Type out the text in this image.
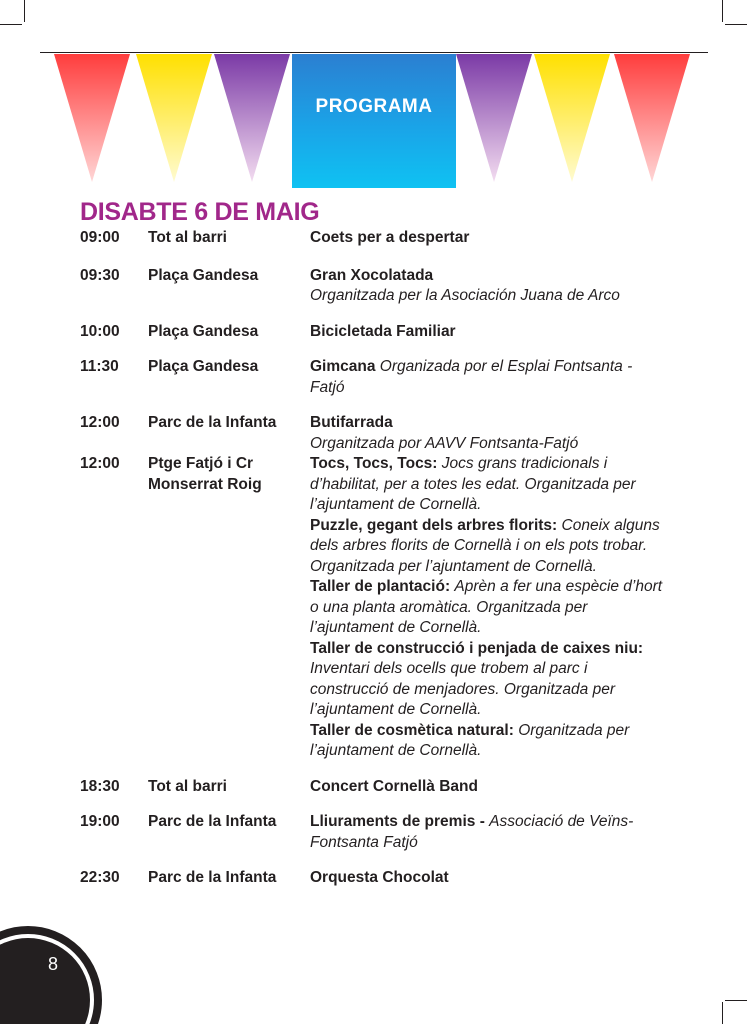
PROGRAMA
DISABTE 6 DE MAIG
09:00	Tot al barri	Coets per a despertar
09:30	Plaça Gandesa	Gran Xocolatada
Organitzada per la Asociación Juana de Arco
10:00	Plaça Gandesa	Bicicletada Familiar
11:30	Plaça Gandesa	Gimcana Organizada por el Esplai Fontsanta - Fatjó
12:00	Parc de la Infanta	Butifarrada
Organitzada por AAVV Fontsanta-Fatjó
12:00	Ptge Fatjó i Cr Monserrat Roig
Tocs, Tocs, Tocs: Jocs grans tradicionals i d’habilitat, per a totes les edat. Organitzada per l’ajuntament de Cornellà.
Puzzle, gegant dels arbres florits: Coneix alguns dels arbres florits de Cornellà i on els pots trobar. Organitzada per l’ajuntament de Cornellà.
Taller de plantació: Aprèn a fer una espècie d’hort o una planta aromàtica. Organitzada per l’ajuntament de Cornellà.
Taller de construcció i penjada de caixes niu: Inventari dels ocells que trobem al parc i construcció de menjadores. Organitzada per l’ajuntament de Cornellà.
Taller de cosmètica natural: Organitzada per l’ajuntament de Cornellà.
18:30	Tot al barri	Concert Cornellà Band
19:00	Parc de la Infanta	Lliuraments de premis - Associació de Veïns-Fontsanta Fatjó
22:30	Parc de la Infanta	Orquesta Chocolat
8
